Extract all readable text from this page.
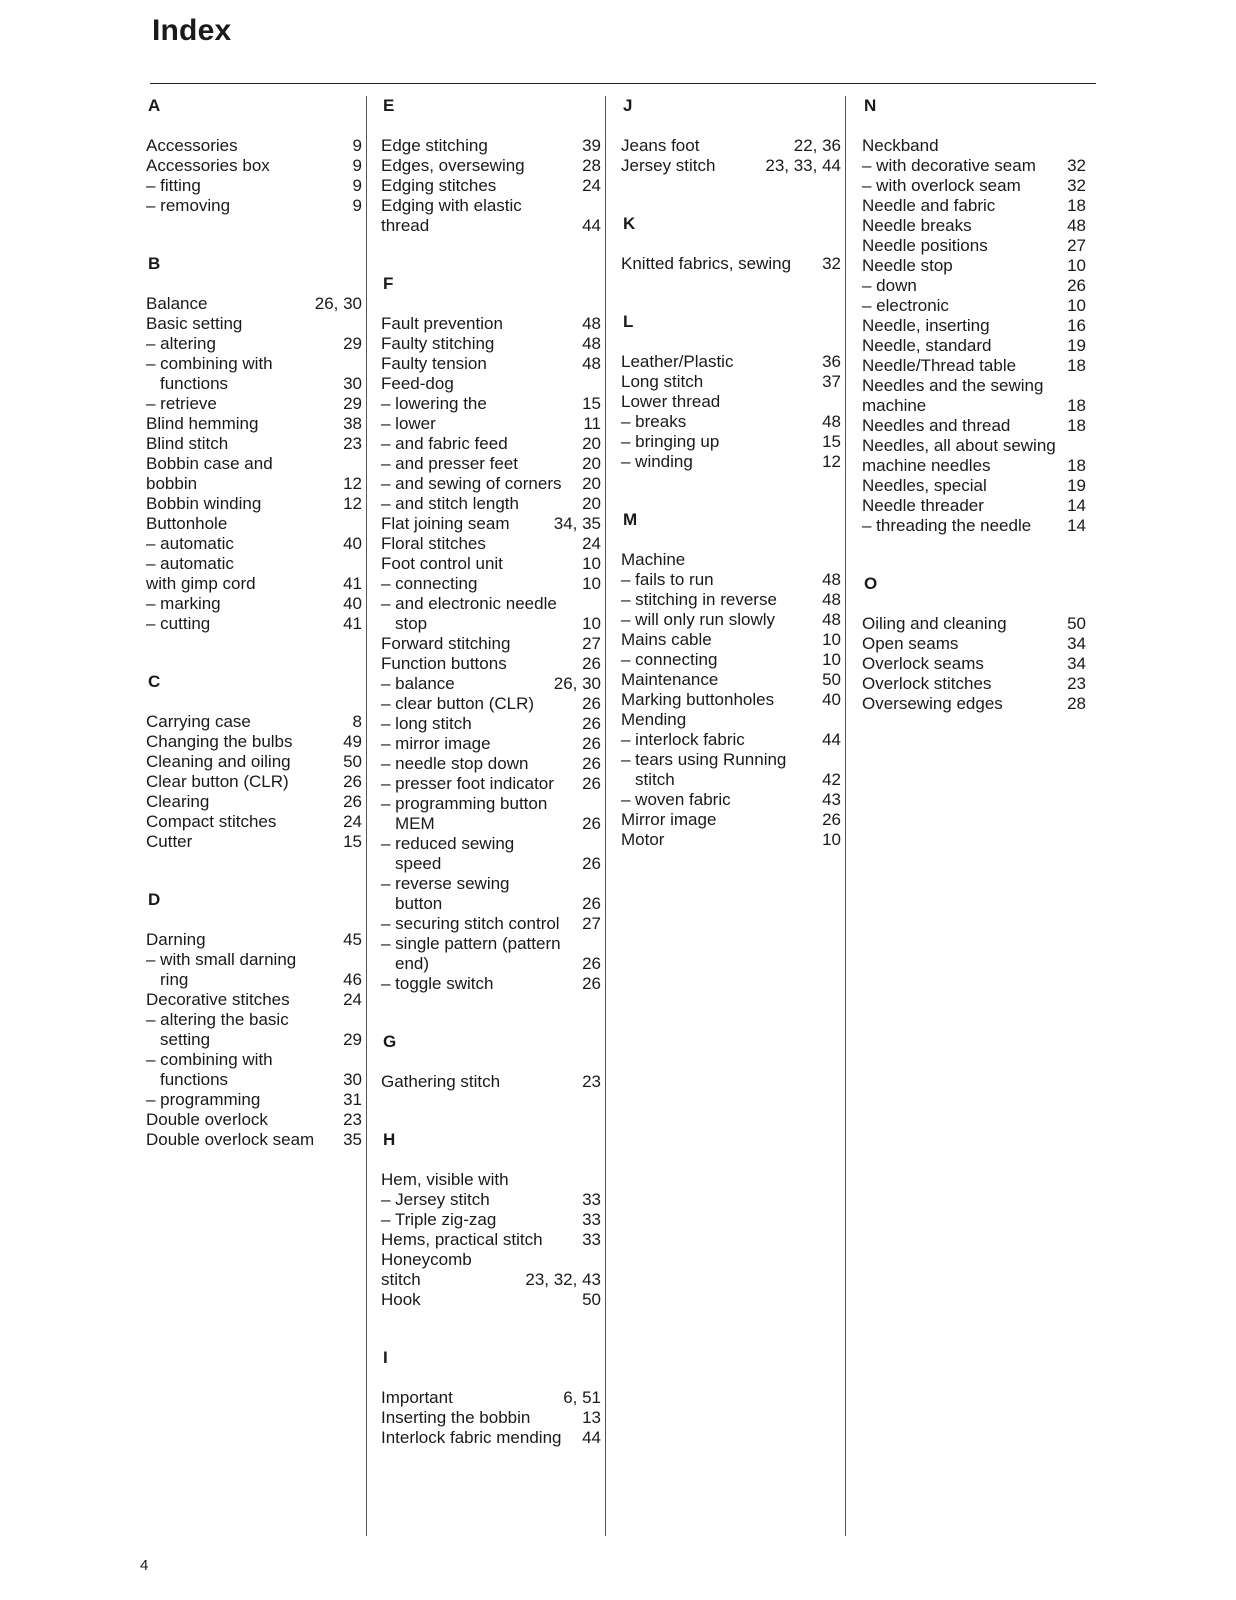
Index
A
Accessories	9
Accessories box	9
– fitting	9
– removing	9
B
Balance	26, 30
Basic setting
– altering	29
– combining with
functions	30
– retrieve	29
Blind hemming	38
Blind stitch	23
Bobbin case and
bobbin	12
Bobbin winding	12
Buttonhole
– automatic	40
– automatic
with gimp cord	41
– marking	40
– cutting	41
C
Carrying case	8
Changing the bulbs	49
Cleaning and oiling	50
Clear button (CLR)	26
Clearing	26
Compact stitches	24
Cutter	15
D
Darning	45
– with small darning
ring	46
Decorative stitches	24
– altering the basic
setting	29
– combining with
functions	30
– programming	31
Double overlock	23
Double overlock seam	35
E
Edge stitching	39
Edges, oversewing	28
Edging stitches	24
Edging with elastic
thread	44
F
Fault prevention	48
Faulty stitching	48
Faulty tension	48
Feed-dog
– lowering the	15
– lower	11
– and fabric feed	20
– and presser feet	20
– and sewing of corners	20
– and stitch length	20
Flat joining seam	34, 35
Floral stitches	24
Foot control unit	10
– connecting	10
– and electronic needle
stop	10
Forward stitching	27
Function buttons	26
– balance	26, 30
– clear button (CLR)	26
– long stitch	26
– mirror image	26
– needle stop down	26
– presser foot indicator	26
– programming button
MEM	26
– reduced sewing
speed	26
– reverse sewing
button	26
– securing stitch control	27
– single pattern (pattern
end)	26
– toggle switch	26
G
Gathering stitch	23
H
Hem, visible with
– Jersey stitch	33
– Triple zig-zag	33
Hems, practical stitch	33
Honeycomb
stitch	23, 32, 43
Hook	50
I
Important	6, 51
Inserting the bobbin	13
Interlock fabric mending	44
J
Jeans foot	22, 36
Jersey stitch	23, 33, 44
K
Knitted fabrics, sewing	32
L
Leather/Plastic	36
Long stitch	37
Lower thread
– breaks	48
– bringing up	15
– winding	12
M
Machine
– fails to run	48
– stitching in reverse	48
– will only run slowly	48
Mains cable	10
– connecting	10
Maintenance	50
Marking buttonholes	40
Mending
– interlock fabric	44
– tears using Running
stitch	42
– woven fabric	43
Mirror image	26
Motor	10
N
Neckband
– with decorative seam	32
– with overlock seam	32
Needle and fabric	18
Needle breaks	48
Needle positions	27
Needle stop	10
– down	26
– electronic	10
Needle, inserting	16
Needle, standard	19
Needle/Thread table	18
Needles and the sewing
machine	18
Needles and thread	18
Needles, all about sewing
machine needles	18
Needles, special	19
Needle threader	14
– threading the needle	14
O
Oiling and cleaning	50
Open seams	34
Overlock seams	34
Overlock stitches	23
Oversewing edges	28
4
